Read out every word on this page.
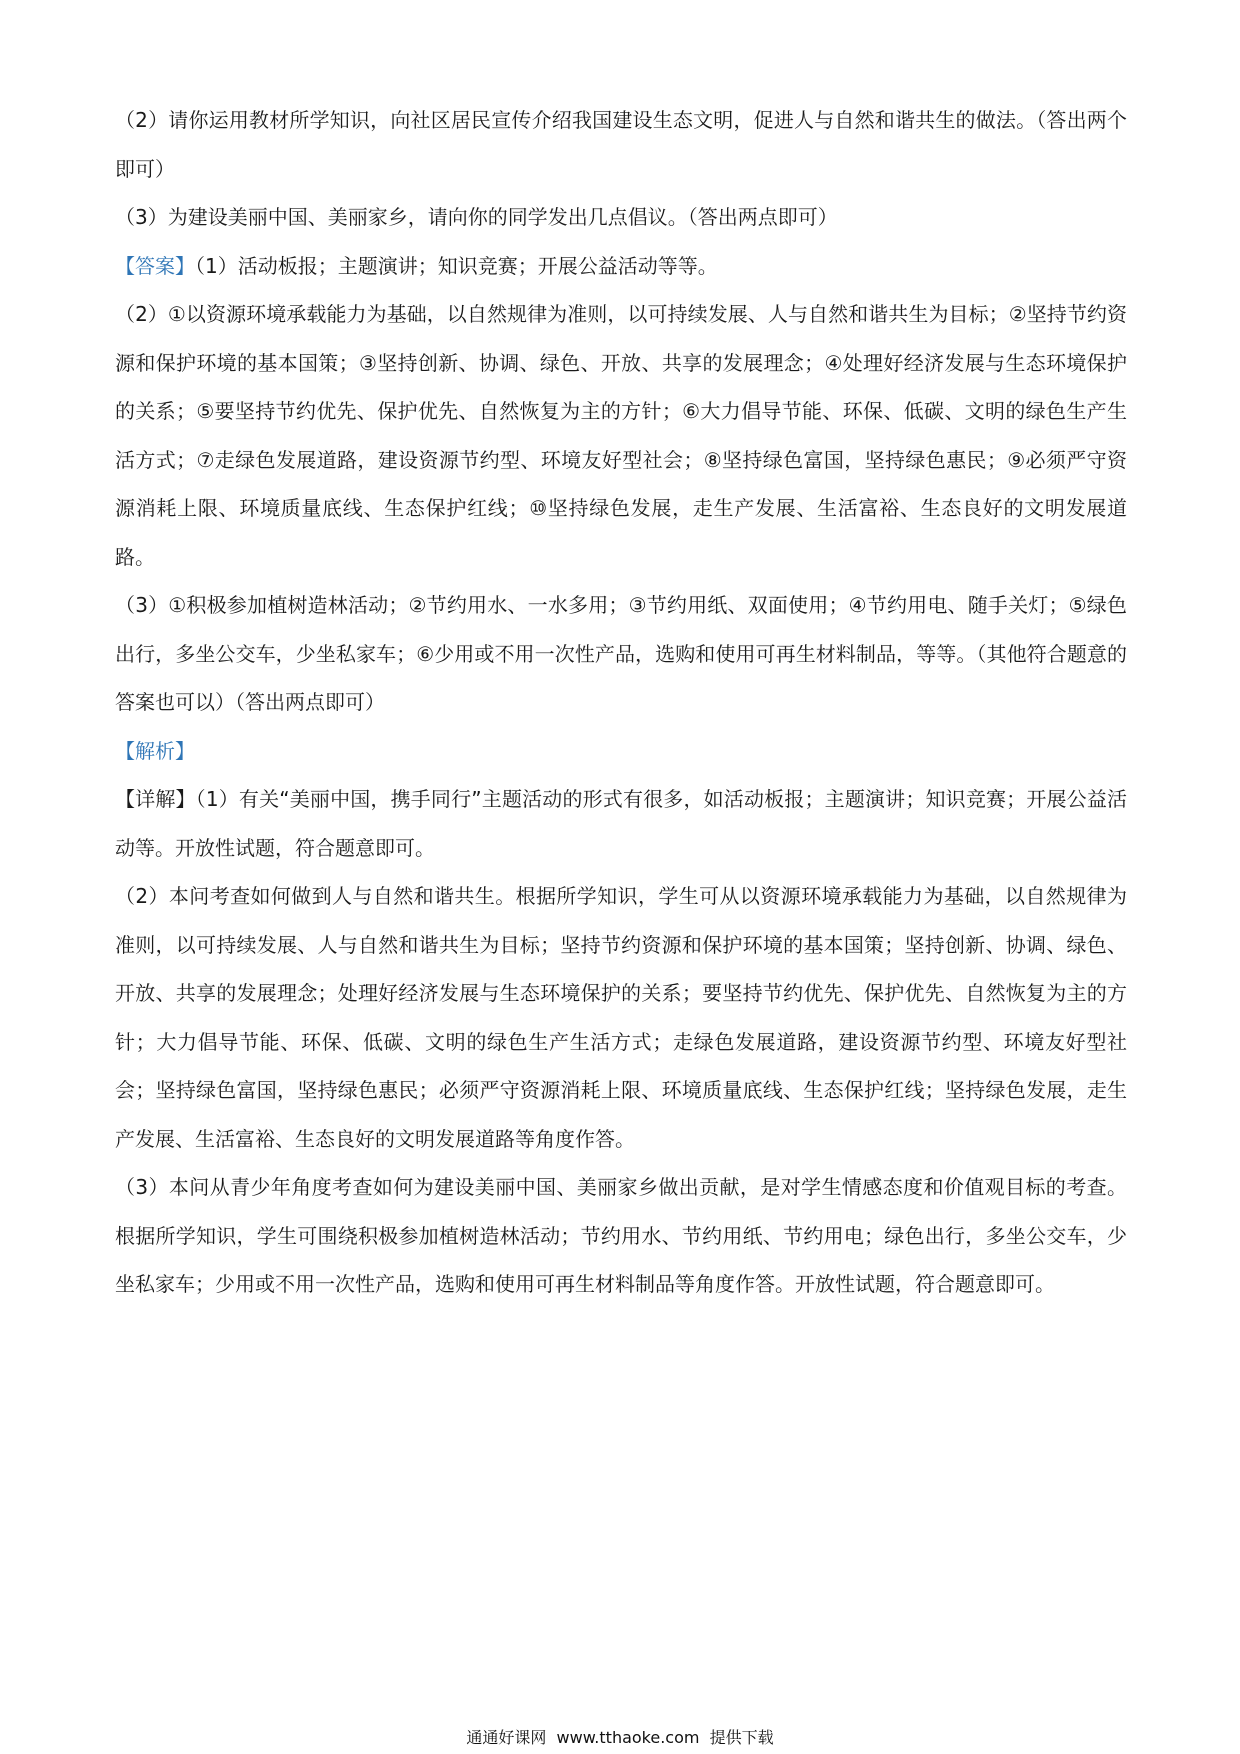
（2）请你运用教材所学知识，向社区居民宣传介绍我国建设生态文明，促进人与自然和谐共生的做法。（答出两个即可）

（3）为建设美丽中国、美丽家乡，请向你的同学发出几点倡议。（答出两点即可）

【答案】（1）活动板报；主题演讲；知识竞赛；开展公益活动等等。

（2）①以资源环境承载能力为基础，以自然规律为准则，以可持续发展、人与自然和谐共生为目标；②坚持节约资源和保护环境的基本国策；③坚持创新、协调、绿色、开放、共享的发展理念；④处理好经济发展与生态环境保护的关系；⑤要坚持节约优先、保护优先、自然恢复为主的方针；⑥大力倡导节能、环保、低碳、文明的绿色生产生活方式；⑦走绿色发展道路，建设资源节约型、环境友好型社会；⑧坚持绿色富国，坚持绿色惠民；⑨必须严守资源消耗上限、环境质量底线、生态保护红线；⑩坚持绿色发展，走生产发展、生活富裕、生态良好的文明发展道路。

（3）①积极参加植树造林活动；②节约用水、一水多用；③节约用纸、双面使用；④节约用电、随手关灯；⑤绿色出行，多坐公交车，少坐私家车；⑥少用或不用一次性产品，选购和使用可再生材料制品，等等。（其他符合题意的答案也可以）（答出两点即可）

【解析】

【详解】（1）有关“美丽中国，携手同行”主题活动的形式有很多，如活动板报；主题演讲；知识竞赛；开展公益活动等。开放性试题，符合题意即可。

（2）本问考查如何做到人与自然和谐共生。根据所学知识，学生可从以资源环境承载能力为基础，以自然规律为准则，以可持续发展、人与自然和谐共生为目标；坚持节约资源和保护环境的基本国策；坚持创新、协调、绿色、开放、共享的发展理念；处理好经济发展与生态环境保护的关系；要坚持节约优先、保护优先、自然恢复为主的方针；大力倡导节能、环保、低碳、文明的绿色生产生活方式；走绿色发展道路，建设资源节约型、环境友好型社会；坚持绿色富国，坚持绿色惠民；必须严守资源消耗上限、环境质量底线、生态保护红线；坚持绿色发展，走生产发展、生活富裕、生态良好的文明发展道路等角度作答。

（3）本问从青少年角度考查如何为建设美丽中国、美丽家乡做出贡献，是对学生情感态度和价值观目标的考查。根据所学知识，学生可围绕积极参加植树造林活动；节约用水、节约用纸、节约用电；绿色出行，多坐公交车，少坐私家车；少用或不用一次性产品，选购和使用可再生材料制品等角度作答。开放性试题，符合题意即可。

通通好课网 www.tthaoke.com 提供下载
